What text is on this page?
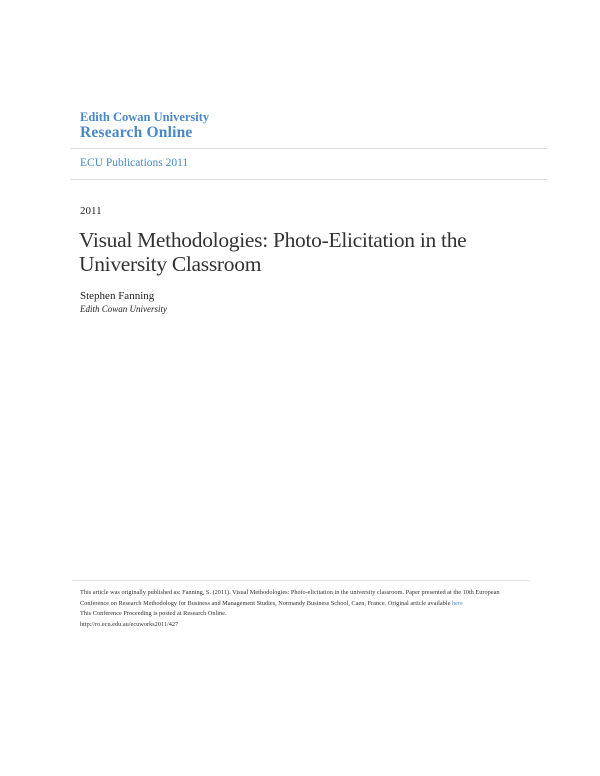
Edith Cowan University
Research Online
ECU Publications 2011
2011
Visual Methodologies: Photo-Elicitation in the University Classroom
Stephen Fanning
Edith Cowan University

This article was originally published as: Fanning, S. (2011). Visual Methodologies: Photo-elicitation in the university classroom. Paper presented at the 10th European Conference on Research Methodology for Business and Management Studies, Normandy Business School, Caen, France. Original article available here

This Conference Proceeding is posted at Research Online.

http://ro.ecu.edu.au/ecuworks2011/427
